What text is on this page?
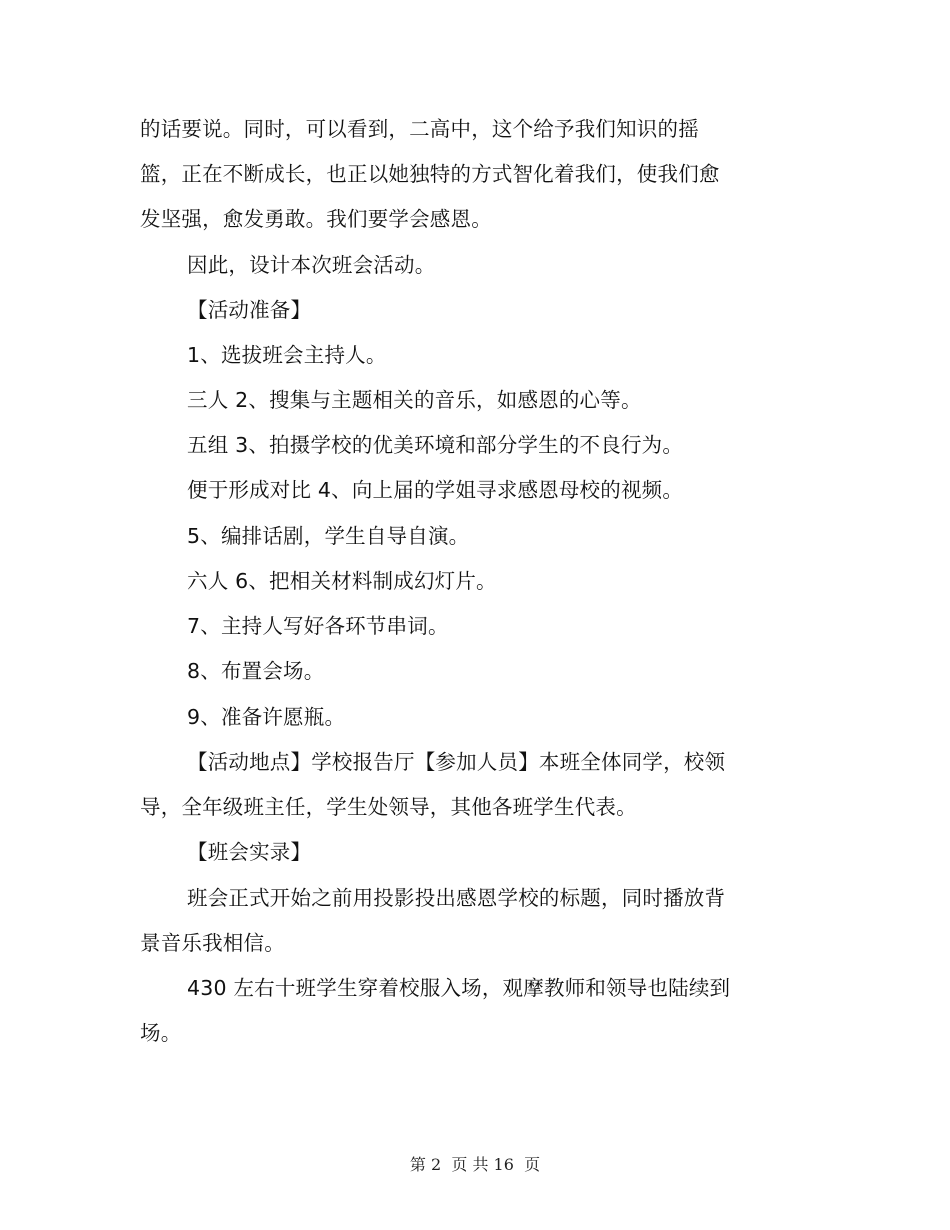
的话要说。同时，可以看到，二高中，这个给予我们知识的摇
篮，正在不断成长，也正以她独特的方式智化着我们，使我们愈
发坚强，愈发勇敢。我们要学会感恩。
因此，设计本次班会活动。
【活动准备】
1、选拔班会主持人。
三人 2、搜集与主题相关的音乐，如感恩的心等。
五组 3、拍摄学校的优美环境和部分学生的不良行为。
便于形成对比 4、向上届的学姐寻求感恩母校的视频。
5、编排话剧，学生自导自演。
六人 6、把相关材料制成幻灯片。
7、主持人写好各环节串词。
8、布置会场。
9、准备许愿瓶。
【活动地点】学校报告厅【参加人员】本班全体同学，校领
导，全年级班主任，学生处领导，其他各班学生代表。
【班会实录】
班会正式开始之前用投影投出感恩学校的标题，同时播放背
景音乐我相信。
430 左右十班学生穿着校服入场，观摩教师和领导也陆续到
场。
第 2  页 共 16  页
